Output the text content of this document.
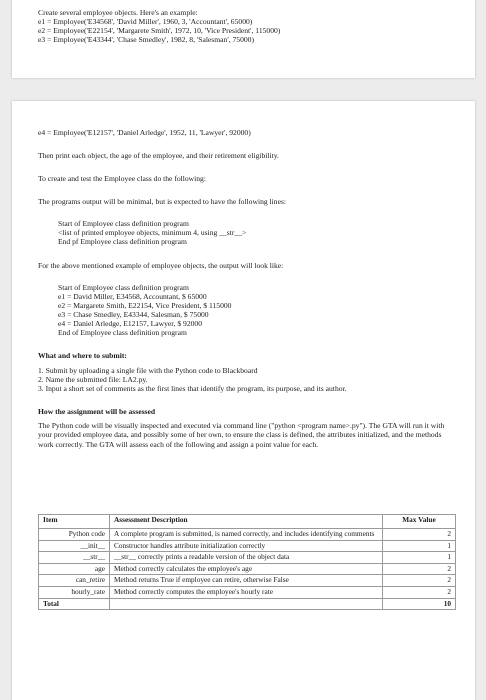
Create several employee objects. Here's an example:
e1 = Employee('E34568', 'David Miller', 1960, 3, 'Accountant', 65000)
e2 = Employee('E22154', 'Margarete Smith', 1972, 10, 'Vice President', 115000)
e3 = Employee('E43344', 'Chase Smedley', 1982, 8, 'Salesman', 75000)
e4 = Employee('E12157', 'Daniel Arledge', 1952, 11, 'Lawyer', 92000)
Then print each object, the age of the employee, and their retirement eligibility.
To create and test the Employee class do the following:
The programs output will be minimal, but is expected to have the following lines:
Start of Employee class definition program
<list of printed employee objects, minimum 4, using __str__>
End pf Employee class definition program
For the above mentioned example of employee objects, the output will look like:
Start of Employee class definition program
e1 = David Miller, E34568, Accountant, $ 65000
e2 = Margarete Smith, E22154, Vice President, $ 115000
e3 = Chase Smedley, E43344, Salesman, $ 75000
e4 = Daniel Arledge, E12157, Lawyer, $ 92000
End of Employee class definition program
What and where to submit:
1. Submit by uploading a single file with the Python code to Blackboard
2. Name the submitted file: LA2.py.
3. Input a short set of comments as the first lines that identify the program, its purpose, and its author.
How the assignment will be assessed
The Python code will be visually inspected and executed via command line ("python <program name>.py"). The GTA will run it with your provided employee data, and possibly some of her own, to ensure the class is defined, the attributes initialized, and the methods work correctly. The GTA will assess each of the following and assign a point value for each.
Item	Assessment Description	Max Value
Python code	A complete program is submitted, is named correctly, and includes identifying comments	2
__init__	Constructor handles attribute initialization correctly	1
__str__	__str__ correctly prints a readable version of the object data	1
age	Method correctly calculates the employee's age	2
can_retire	Method returns True if employee can retire, otherwise False	2
hourly_rate	Method correctly computes the employee's hourly rate	2
Total		10
